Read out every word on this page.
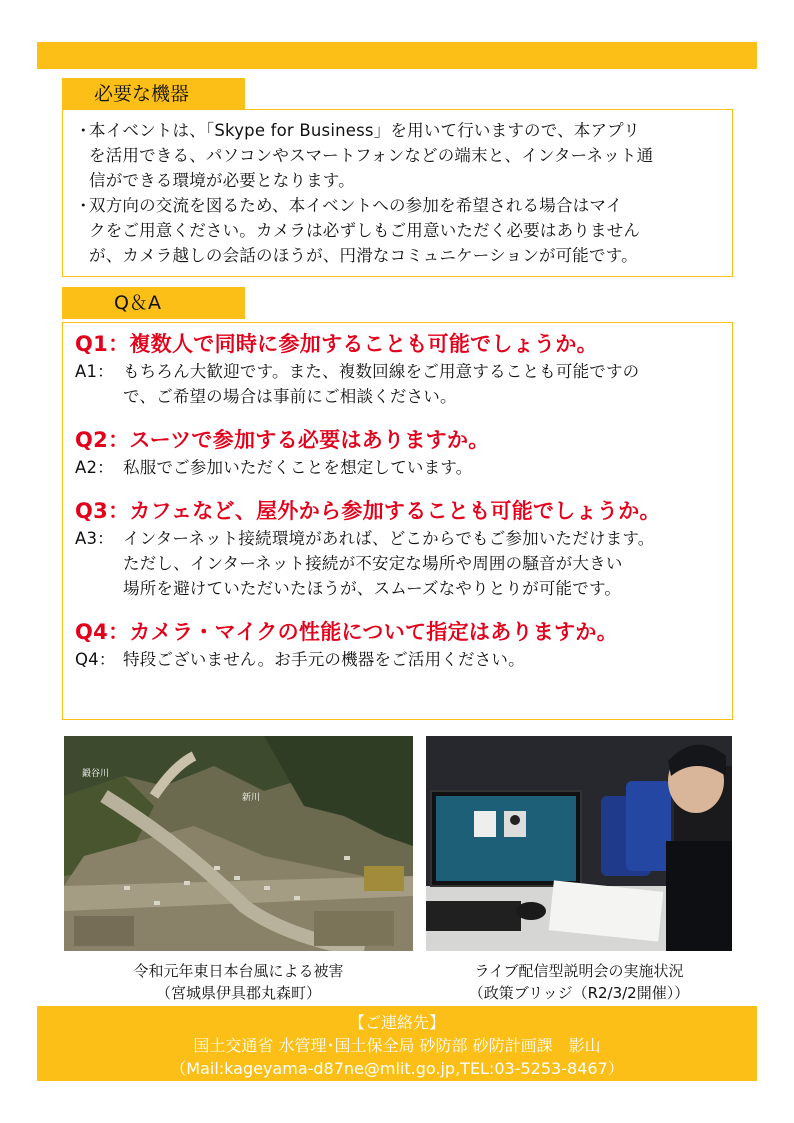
必要な機器
・
本イベントは、「Skype for Business」を用いて行いますので、本アプリ
を活用できる、パソコンやスマートフォンなどの端末と、インターネット通
信ができる環境が必要となります。
・
双方向の交流を図るため、本イベントへの参加を希望される場合はマイ
クをご用意ください。カメラは必ずしもご用意いただく必要はありません
が、カメラ越しの会話のほうが、円滑なコミュニケーションが可能です。
Q＆A
Q1：複数人で同時に参加することも可能でしょうか。
A1： もちろん大歓迎です。また、複数回線をご用意することも可能ですの
で、ご希望の場合は事前にご相談ください。
Q2：スーツで参加する必要はありますか。
A2： 私服でご参加いただくことを想定しています。
Q3：カフェなど、屋外から参加することも可能でしょうか。
A3： インターネット接続環境があれば、どこからでもご参加いただけます。
ただし、インターネット接続が不安定な場所や周囲の騒音が大きい
場所を避けていただいたほうが、スムーズなやりとりが可能です。
Q4：カメラ・マイクの性能について指定はありますか。
Q4： 特段ございません。お手元の機器をご活用ください。
鍛谷川
新川
令和元年東日本台風による被害
（宮城県伊具郡丸森町）
ライブ配信型説明会の実施状況
（政策ブリッジ（R2/3/2開催））
【ご連絡先】
国土交通省 水管理･国土保全局 砂防部 砂防計画課　影山
（Mail:kageyama-d87ne@mlit.go.jp,TEL:03-5253-8467）
